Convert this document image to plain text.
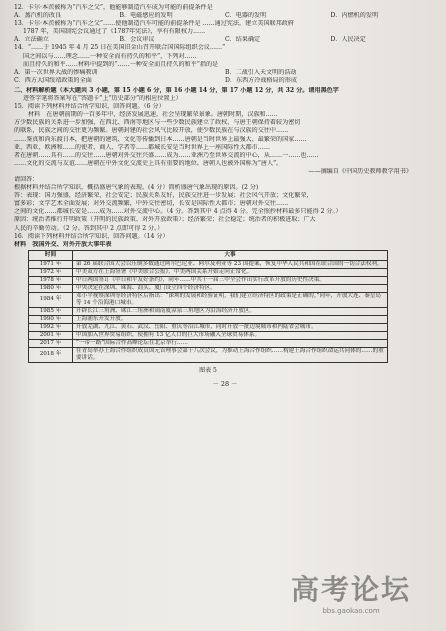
12．卡尔·本茨被称为“汽车之父”，他能够制造汽车成为可能的前提条件是
A．蒸汽机的改良	B．电磁感应的发明	C．电器的发明	D．内燃机的发明
13．卡尔·本茨被称为“汽车之父”……使他制造汽车可能的前提条件是 ……通过宪法，建立美国联邦政府
1787 年，美国制宪会议通过了《1787年宪法》，享有有限权力……
A．立法确立	B．会议审议	C．结果确定	D．人民决定
14．“……于 1945 年 4 月 25 日在美国旧金山召开联合国国际组织会议……”
国之间以与……理念……一种安全而有持久的和平”，下列对……
而且持久的和平……材料中提到的“……一种安全而且持久的和平”指的是
A．第一次世界大战的惨痛教训	B．二战引入天文明的浩劫
C．西方大国绥靖政策的全面	D．东西方冷战格局的形成
二、材料解析题（本大题共 3 小题，第 15 小题 6 分，第 16 小题 14 分，第 17 小题 12 分，共 32 分。请用黑色字
迹签字笔将答案写在“答题卡”上“历史部分”的相应位置上）
15．阅读下列材料并结合所学知识，回答问题。（6 分）
材料　在唐朝前期的一百多年中，经济发展迅速，社会呈现繁荣景象。唐朝时期，汉族和……
方少数民族的关系进一步加强，在西北、西南等地区与一些少数民族建立了政权，与唐王朝保持着较为密切
的联系，民族之间的交往更为频繁。唐朝封建的社会风气比较开放，使少数民族在与汉族的交往中……
……鉴真和尚东渡日本，把唐朝的建筑、文化等传播到日本……唐朝是当时世界上最强大、最繁荣的国家……
亚、西亚、欧洲和……的使者、商人、学者等……都城长安是当时世界上一座国际性大都市……
者在唐朝……具有……的交往……唐朝对外交往兴盛……成为……亚洲乃至世界交流的中心，从……一……也……
……文化的交流与友谊……唐朝在中外文化交流史上具有重要的地位。唐朝人也被外国称为“唐人”。
——摘编自《中国历史教师教学用书》
请回答：
根据材料并结合所学知识，概括盛唐气象的表现。(4 分）简析盛唐气象出现的原因。(2 分)
答：表现：国力强盛，经济繁荣，社会安定；民族关系友好，民族交往进一步发展；社会风气开放；文化繁荣，
富多彩；文学艺术全面发展；对外交流频繁，中外交往密切，长安是国际性大都市；唐朝对外交往……
之间的文化……都城长安是……成为……对外交流中心。（4 分。答到其中 4 点得 4 分。完全照抄材料最多只能得 2 分。）
原因：统治者推行开明政策（开明的民族政策、对外开放政策）；经济繁荣；社会稳定；统治者的积极进取；广大
人民的辛勤劳动。（2 分。答到其中 2 点即可得 2 分。）
16．阅读下列材料并结合所学知识，回答问题。（14 分）
材料　我国外交、对外开放大事年表
时间	大事
1971 年	第 26 届联合国大会以压倒多数通过阿尔巴尼亚、阿尔及利亚等 23 国提案，恢复中华人民共和国在联合国的一切合法权利。
1972 年	中美双方在上海签署《中美联合公报》，中美两国关系开始走向正常化。
1978 年	中日两国签订《中日和平友好条约》，同年……中共十一届三中全会作出实行改革开放的历史性决策。
1980 年	中央决定在深圳、珠海、汕头、厦门设立四个经济特区。
1984 年	邓小平视察深圳等经济特区后指出：“深圳的发展和经验证明，我们建立经济特区的政策是正确的。”同年，开放大连、秦皇岛等 14 个沿海港口城市。
1985 年	开辟长江三角洲、珠江三角洲和闽南厦漳泉三角地区为沿海经济开放区。
1990 年	上海浦东开发开放。
1992 年	开放芜湖、九江、黄石、武汉、岳阳、重庆等沿江城市，同时开放一批边境城市和内陆省会城市。
2001 年	中国加入世界贸易组织，使拥有 13 亿人口的巨大市场融入全球贸易体系。
2017 年	“一带一路”国际合作高峰论坛在北京举行……
2018 年	在青岛举办上海合作组织成员国元首理事会第十八次会议，为推动上海合作组织……构建上海合作组织命运共同体的……的重要讲话。
图表 5
－ 28 －
高考论坛
bbs.gaokao.com
